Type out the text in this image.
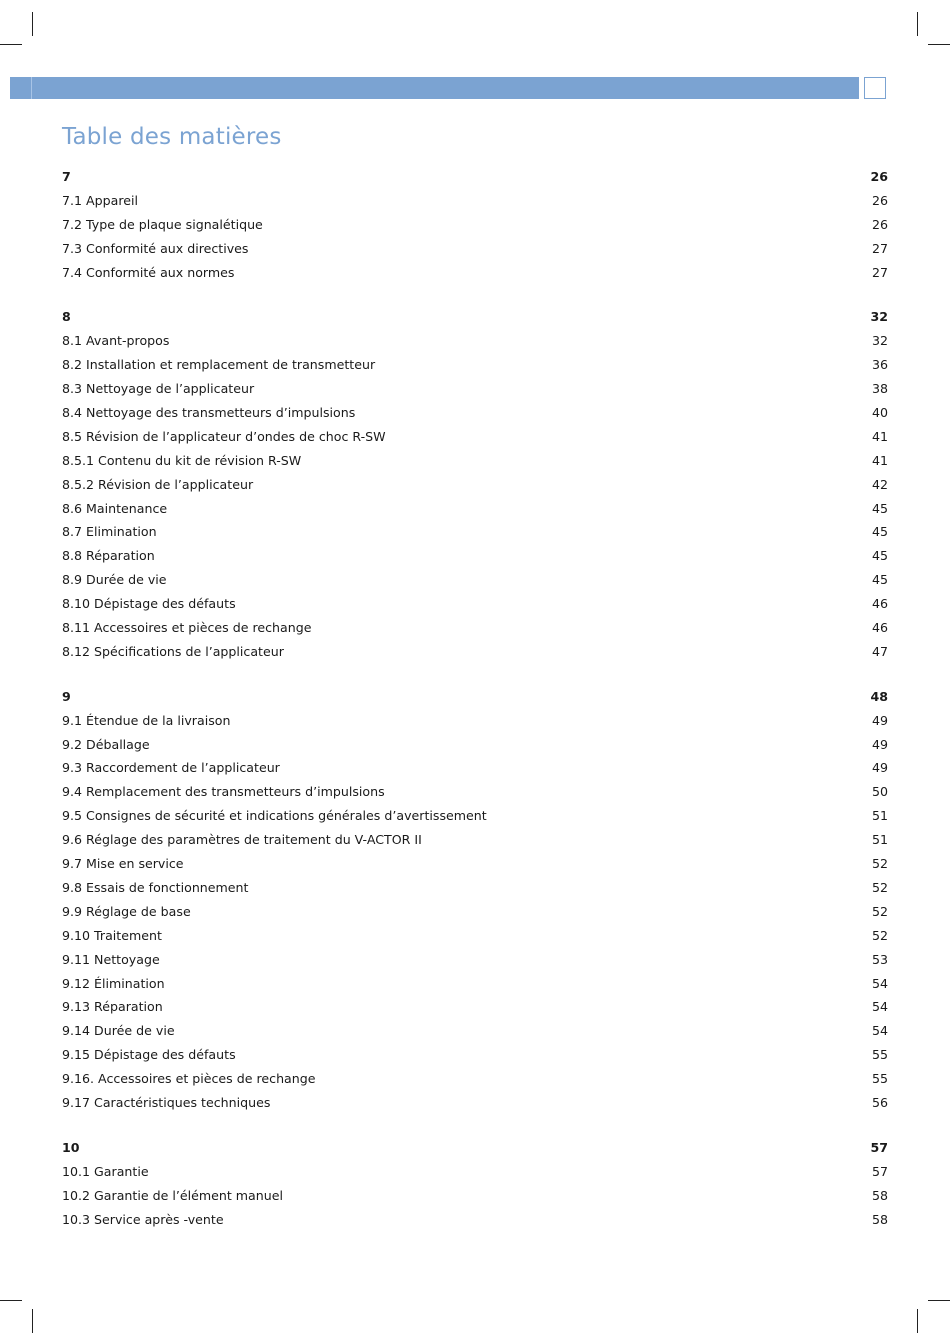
Table des matières
7	26
7.1 Appareil	26
7.2 Type de plaque signalétique	26
7.3 Conformité aux directives	27
7.4 Conformité aux normes	27
8	32
8.1 Avant-propos	32
8.2 Installation et remplacement de transmetteur	36
8.3 Nettoyage de l’applicateur	38
8.4 Nettoyage des transmetteurs d’impulsions	40
8.5 Révision de l’applicateur d’ondes de choc R-SW	41
8.5.1 Contenu du kit de révision R-SW	41
8.5.2 Révision de l’applicateur	42
8.6 Maintenance	45
8.7 Elimination	45
8.8 Réparation	45
8.9 Durée de vie	45
8.10 Dépistage des défauts	46
8.11 Accessoires et pièces de rechange	46
8.12 Spécifications de l’applicateur	47
9	48
9.1 Étendue de la livraison	49
9.2 Déballage	49
9.3 Raccordement de l’applicateur	49
9.4 Remplacement des transmetteurs d’impulsions	50
9.5 Consignes de sécurité et indications générales d’avertissement	51
9.6 Réglage des paramètres de traitement du V-ACTOR II	51
9.7 Mise en service	52
9.8 Essais de fonctionnement	52
9.9 Réglage de base	52
9.10 Traitement	52
9.11 Nettoyage	53
9.12 Élimination	54
9.13 Réparation	54
9.14 Durée de vie	54
9.15 Dépistage des défauts	55
9.16. Accessoires et pièces de rechange	55
9.17 Caractéristiques techniques	56
10	57
10.1 Garantie	57
10.2 Garantie de l’élément manuel	58
10.3 Service après -vente	58
